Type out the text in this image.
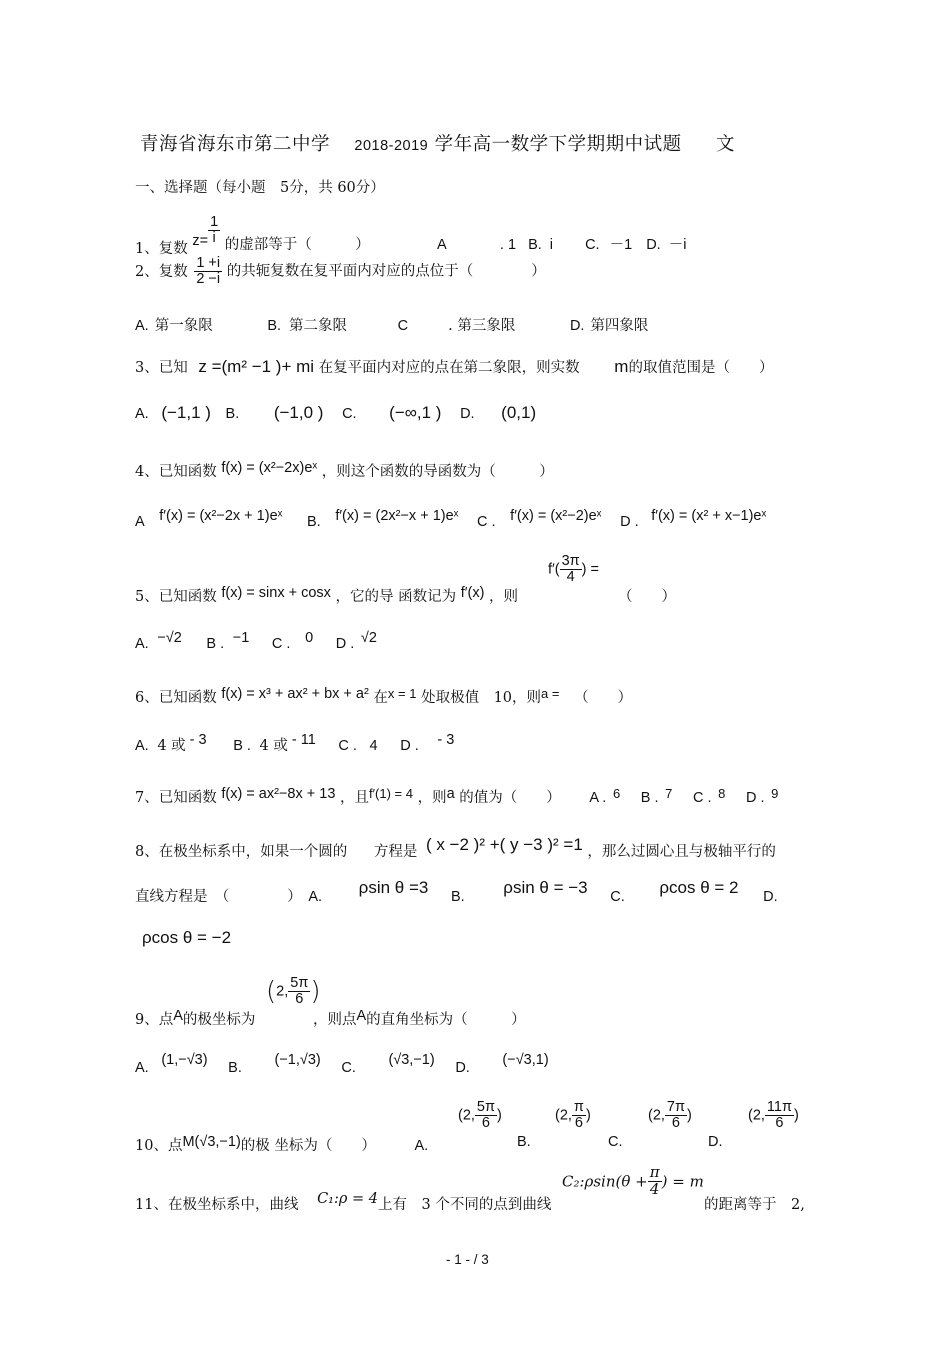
青海省海东市第二中学 2018-2019 学年高一数学下学期期中试题 文
一、选择题（每小题　5分，共 60分）
1、复数 $z= \frac{1}{i}$ 的虚部等于（　　　）	A	. 1 B. i C. －1 D. －i
2、复数 $\frac{1 +i}{2 -i}$ 的共轭复数在复平面内对应的点位于（　　　　）
A. 第一象限	B. 第二象限	C	. 第三象限	D. 第四象限
3、已知 z =(m² −1 )+ mi 在复平面内对应的点在第二象限，则实数 m的取值范围是（　　）
A. (−1,1 ) B. (−1,0 ) C. (−∞,1 ) D. (0,1)
4、已知函数 f(x) = (x²−2x)eˣ ，则这个函数的导函数为（　　　）
A f′(x) = (x²−2x + 1)eˣ B. f′(x) = (2x²−x + 1)eˣ C . f′(x) = (x²−2)eˣ D . f′(x) = (x² + x−1)eˣ
5、已知函数 f(x) = sinx + cosx ，它的导 函数记为 f′(x) ，则
$f'( \frac{3\pi}{4}$ ) =
（　　）
A. −√2 B . −1 C . 0 D . √2
6、已知函数 f(x) = x³ + ax² + bx + a² 在x = 1 处取极值　10，则a = （　　）
A. 4 或 - 3 B . 4 或 - 11 C . 4 D . - 3
7、已知函数 f(x) = ax²−8x + 13 ，且f′(1) = 4 ，则a 的值为（　　） A . 6 B . 7 C . 8 D . 9
8、在极坐标系中，如果一个圆的 方程是 ( x −2 )² +( y −3 )² =1 ，那么过圆心且与极轴平行的
直线方程是　（　　　　） A. ρsin θ =3 B. ρsin θ = −3 C. ρcos θ = 2 D.
ρcos θ = −2
9、点A的极坐标为
(2, $\frac{5\pi}{6}$ )
，则点A的直角坐标为（　　　）
A. (1,−√3) B. (−1,√3) C. (√3,−1) D. (−√3,1)
10、点M(√3,−1)的极 坐标为（　　）	A.
(2, $\frac{5\pi}{6}$ )
B.
(2, $\frac{\pi}{6}$ )
C.
(2, $\frac{7\pi}{6}$ )
D.
(2, $\frac{11\pi}{6}$ )
11、在极坐标系中，曲线 C₁:ρ = 4上有　3 个不同的点到曲线
C₂:ρsin(θ + $\frac{\pi}{4}$ ) = m
的距离等于　2,
- 1 - / 3
